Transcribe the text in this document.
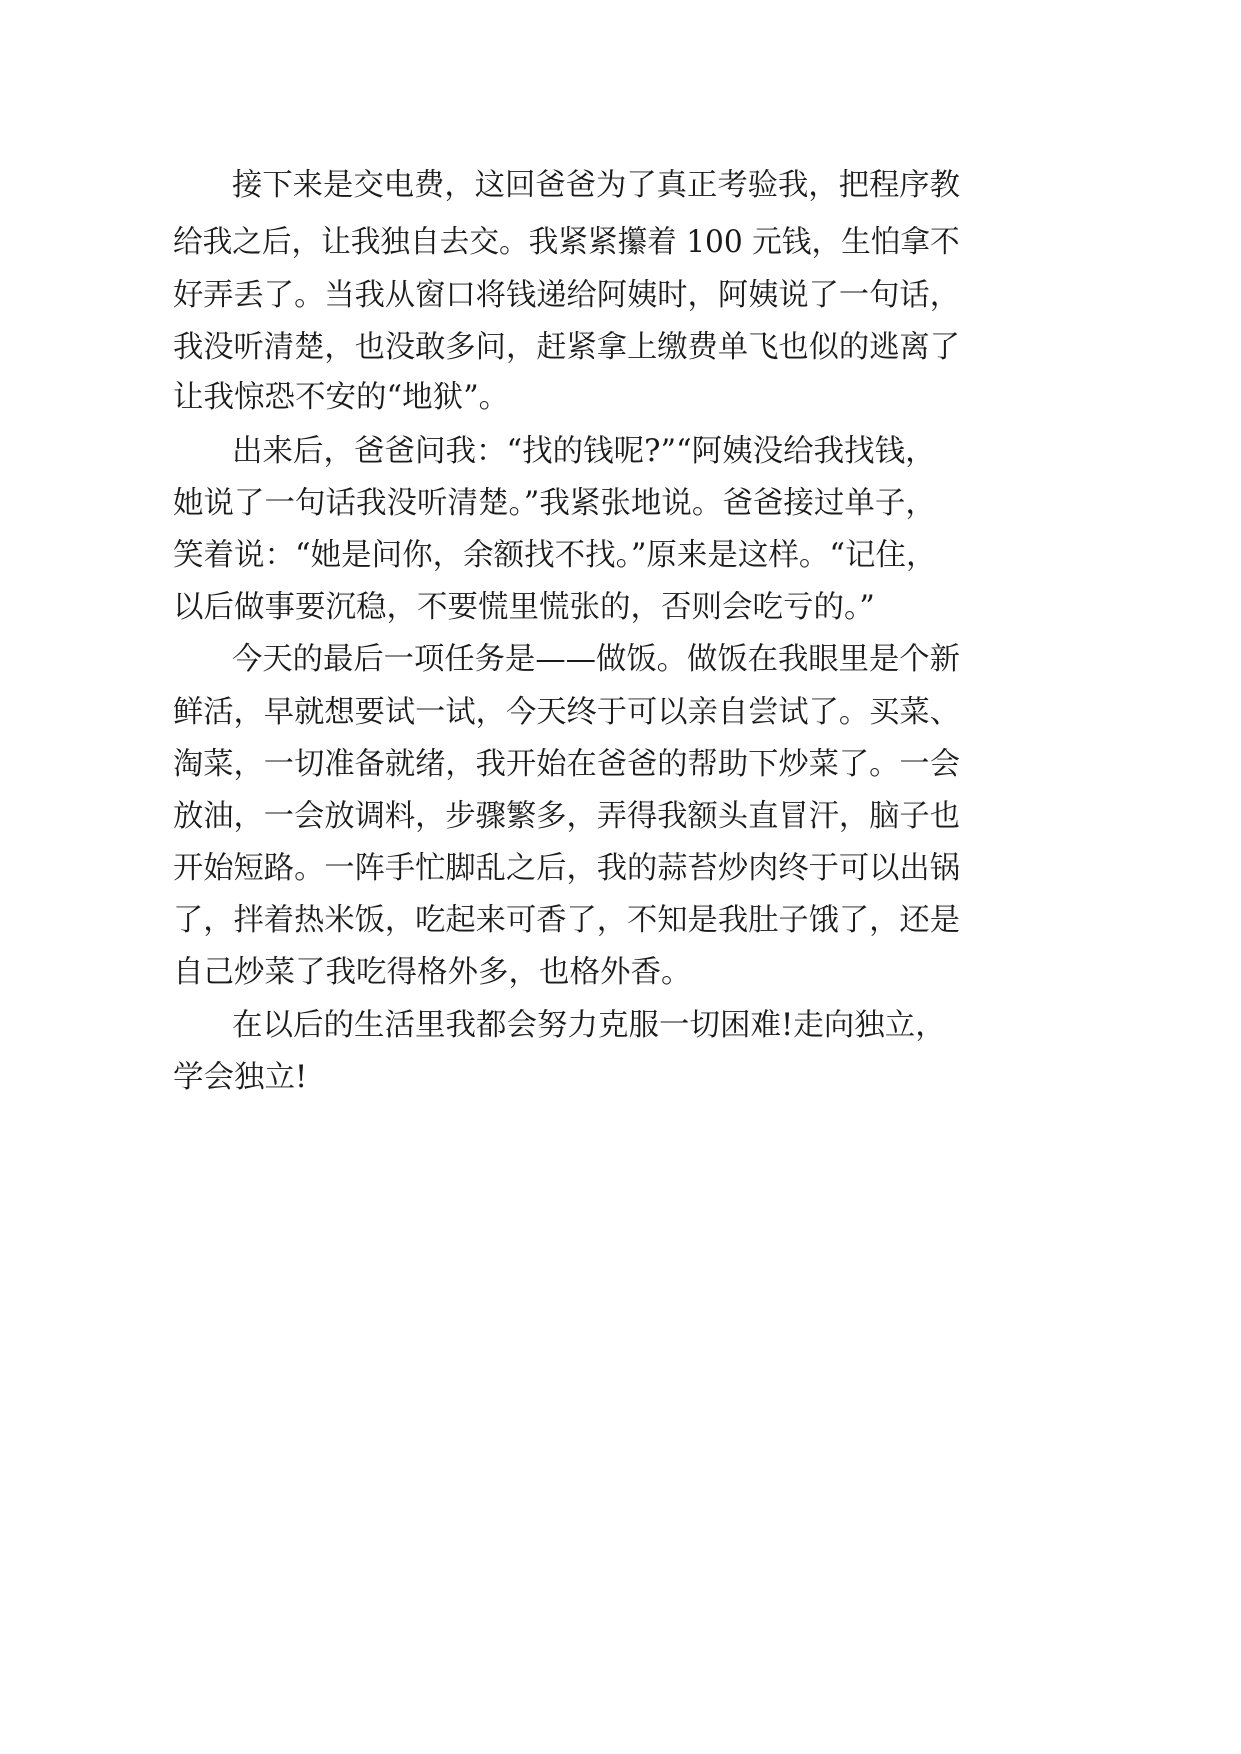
接下来是交电费，这回爸爸为了真正考验我，把程序教
给我之后，让我独自去交。我紧紧攥着 100 元钱，生怕拿不
好弄丢了。当我从窗口将钱递给阿姨时，阿姨说了一句话，
我没听清楚，也没敢多问，赶紧拿上缴费单飞也似的逃离了
让我惊恐不安的“地狱”。
出来后，爸爸问我：“找的钱呢?”“阿姨没给我找钱，
她说了一句话我没听清楚。”我紧张地说。爸爸接过单子，
笑着说：“她是问你，余额找不找。”原来是这样。“记住，
以后做事要沉稳，不要慌里慌张的，否则会吃亏的。”
今天的最后一项任务是——做饭。做饭在我眼里是个新
鲜活，早就想要试一试，今天终于可以亲自尝试了。买菜、
淘菜，一切准备就绪，我开始在爸爸的帮助下炒菜了。一会
放油，一会放调料，步骤繁多，弄得我额头直冒汗，脑子也
开始短路。一阵手忙脚乱之后，我的蒜苔炒肉终于可以出锅
了，拌着热米饭，吃起来可香了，不知是我肚子饿了，还是
自己炒菜了我吃得格外多，也格外香。
在以后的生活里我都会努力克服一切困难!走向独立，
学会独立!
